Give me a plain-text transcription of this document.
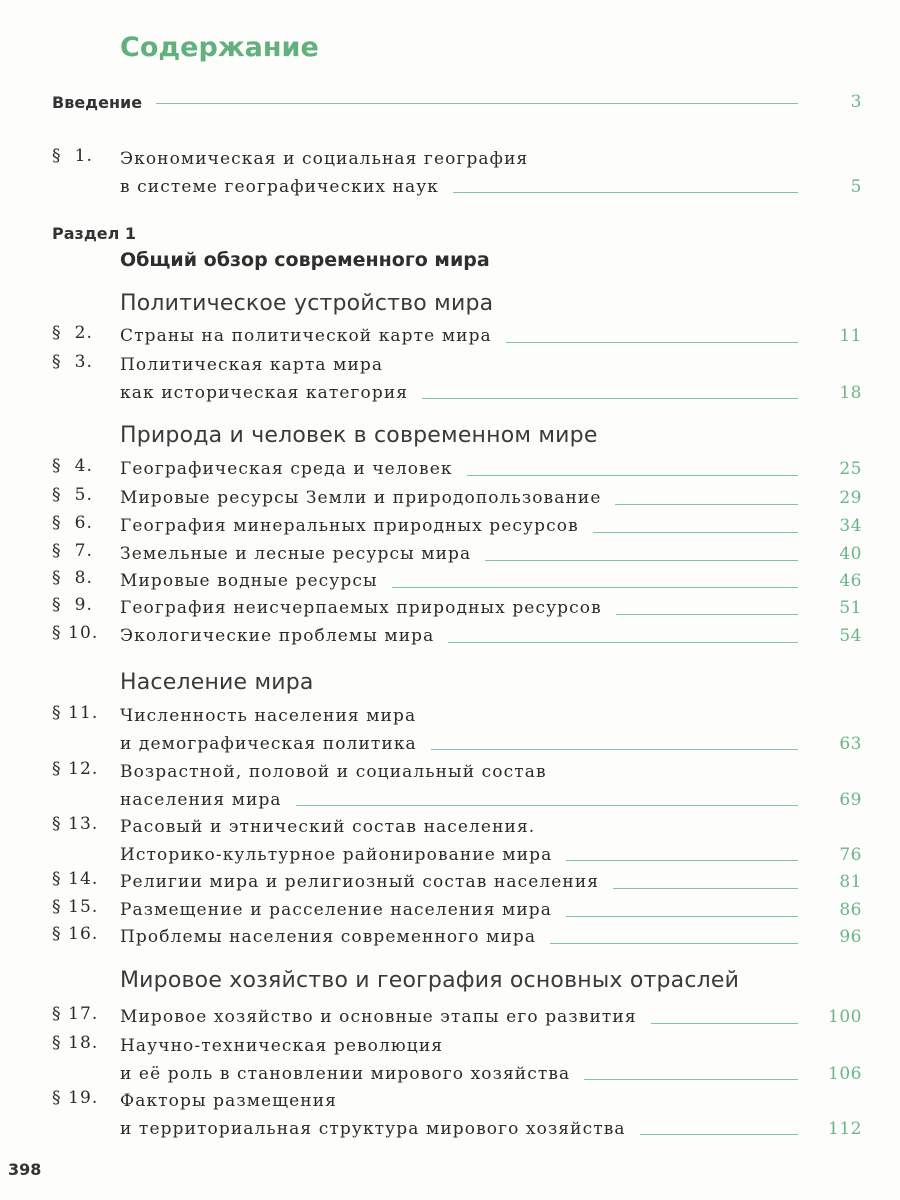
Содержание
Введение	3
Раздел 1
Общий обзор современного мира
§  1. Экономическая и социальная география
в системе географических наук	5
Политическое устройство мира
§  2. Страны на политической карте мира	11
§  3. Политическая карта мира
как историческая категория	18
Природа и человек в современном мире
§  4. Географическая среда и человек	25
§  5. Мировые ресурсы Земли и природопользование	29
§  6. География минеральных природных ресурсов	34
§  7. Земельные и лесные ресурсы мира	40
§  8. Мировые водные ресурсы	46
§  9. География неисчерпаемых природных ресурсов	51
§ 10. Экологические проблемы мира	54
Население мира
§ 11. Численность населения мира
и демографическая политика	63
§ 12. Возрастной, половой и социальный состав
населения мира	69
§ 13. Расовый и этнический состав населения.
Историко-культурное районирование мира	76
§ 14. Религии мира и религиозный состав населения	81
§ 15. Размещение и расселение населения мира	86
§ 16. Проблемы населения современного мира	96
Мировое хозяйство и география основных отраслей
§ 17. Мировое хозяйство и основные этапы его развития	100
§ 18. Научно-техническая революция
и её роль в становлении мирового хозяйства	106
§ 19. Факторы размещения
и территориальная структура мирового хозяйства	112
398
